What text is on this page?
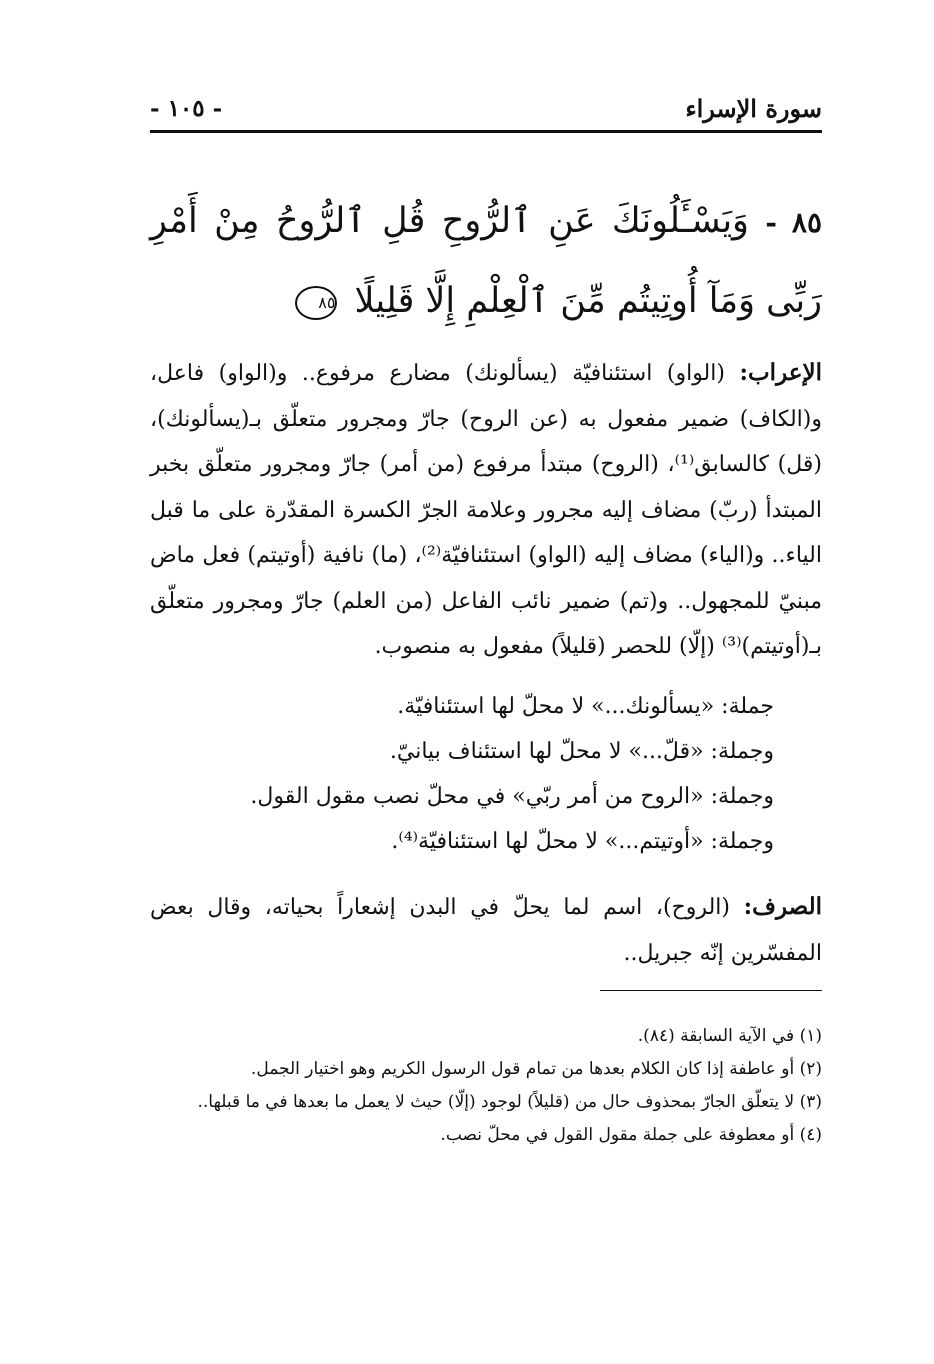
سورة الإسراء
- ١٠٥ -
٨٥ - وَيَسْـَٔلُونَكَ عَنِ ٱلرُّوحِ قُلِ ٱلرُّوحُ مِنْ أَمْرِ رَبِّى وَمَآ أُوتِيتُم مِّنَ ٱلْعِلْمِ إِلَّا قَلِيلًا ٨٥
الإعراب: (الواو) استئنافيّة (يسألونك) مضارع مرفوع.. و(الواو) فاعل، و(الكاف) ضمير مفعول به (عن الروح) جارّ ومجرور متعلّق بـ(يسألونك)، (قل) كالسابق⁽¹⁾، (الروح) مبتدأ مرفوع (من أمر) جارّ ومجرور متعلّق بخبر المبتدأ (ربّ) مضاف إليه مجرور وعلامة الجرّ الكسرة المقدّرة على ما قبل الياء.. و(الياء) مضاف إليه (الواو) استئنافيّة⁽²⁾، (ما) نافية (أوتيتم) فعل ماض مبنيّ للمجهول.. و(تم) ضمير نائب الفاعل (من العلم) جارّ ومجرور متعلّق بـ(أوتيتم)⁽³⁾ (إلّا) للحصر (قليلاً) مفعول به منصوب.
جملة: «يسألونك...» لا محلّ لها استئنافيّة.
وجملة: «قلّ...» لا محلّ لها استئناف بيانيّ.
وجملة: «الروح من أمر ربّي» في محلّ نصب مقول القول.
وجملة: «أوتيتم...» لا محلّ لها استئنافيّة⁽⁴⁾.
الصرف: (الروح)، اسم لما يحلّ في البدن إشعاراً بحياته، وقال بعض المفسّرين إنّه جبريل..

(١) في الآية السابقة (٨٤).

(٢) أو عاطفة إذا كان الكلام بعدها من تمام قول الرسول الكريم وهو اختيار الجمل.

(٣) لا يتعلّق الجارّ بمحذوف حال من (قليلاً) لوجود (إلّا) حيث لا يعمل ما بعدها في ما قبلها..

(٤) أو معطوفة على جملة مقول القول في محلّ نصب.
